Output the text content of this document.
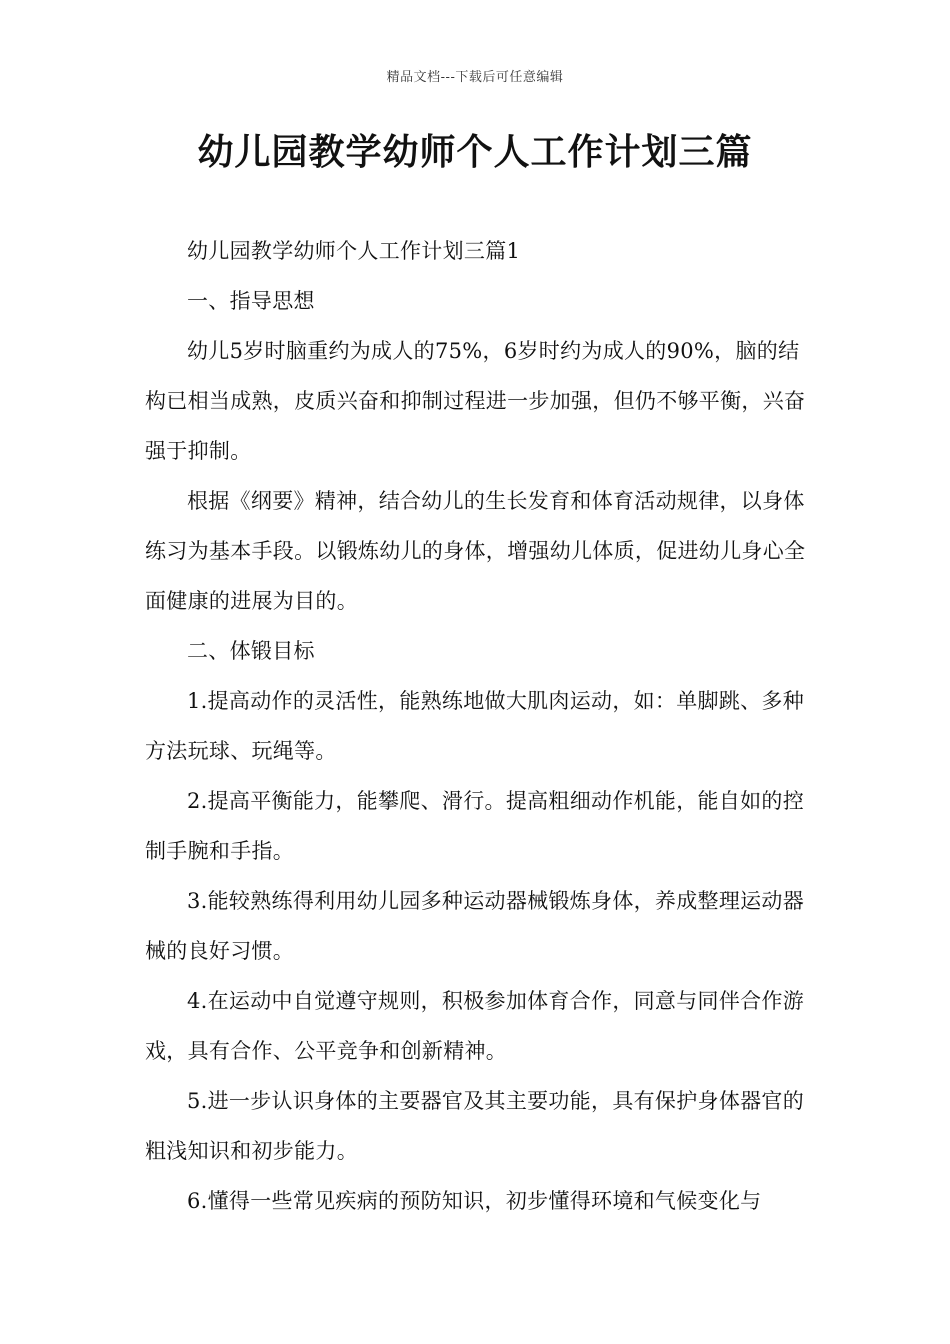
精品文档---下载后可任意编辑
幼儿园教学幼师个人工作计划三篇

幼儿园教学幼师个人工作计划三篇1

一、指导思想

幼儿5岁时脑重约为成人的75%，6岁时约为成人的90%，脑的结构已相当成熟，皮质兴奋和抑制过程进一步加强，但仍不够平衡，兴奋强于抑制。

根据《纲要》精神，结合幼儿的生长发育和体育活动规律，以身体练习为基本手段。以锻炼幼儿的身体，增强幼儿体质，促进幼儿身心全面健康的进展为目的。

二、体锻目标

1.提高动作的灵活性，能熟练地做大肌肉运动，如：单脚跳、多种方法玩球、玩绳等。

2.提高平衡能力，能攀爬、滑行。提高粗细动作机能，能自如的控制手腕和手指。

3.能较熟练得利用幼儿园多种运动器械锻炼身体，养成整理运动器械的良好习惯。

4.在运动中自觉遵守规则，积极参加体育合作，同意与同伴合作游戏，具有合作、公平竞争和创新精神。

5.进一步认识身体的主要器官及其主要功能，具有保护身体器官的粗浅知识和初步能力。

6.懂得一些常见疾病的预防知识，初步懂得环境和气候变化与
